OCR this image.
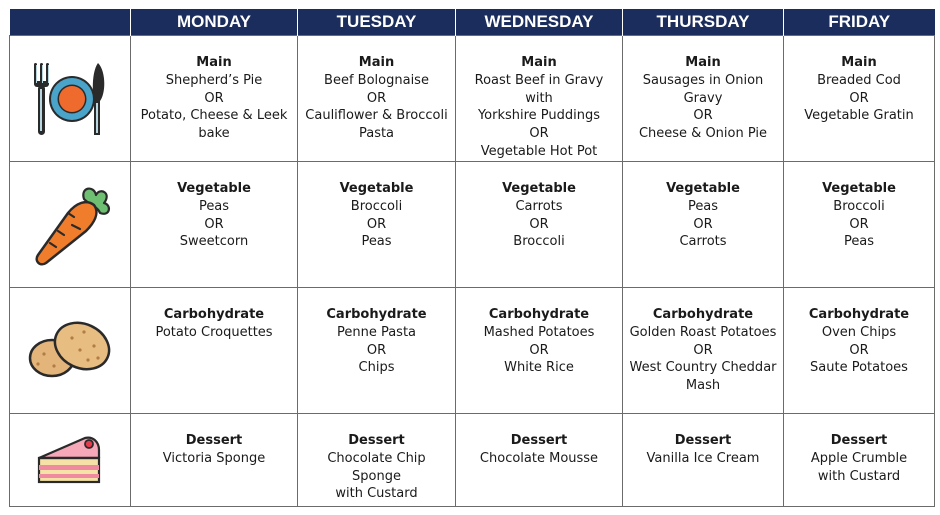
	MONDAY	TUESDAY	WEDNESDAY	THURSDAY	FRIDAY

Main
Shepherd’s Pie
OR
Potato, Cheese & Leek
bake	Main
Beef Bolognaise
OR
Cauliflower & Broccoli
Pasta	Main
Roast Beef in Gravy with
Yorkshire Puddings
OR
Vegetable Hot Pot	Main
Sausages in Onion Gravy
OR
Cheese & Onion Pie	Main
Breaded Cod
OR
Vegetable Gratin

Vegetable
Peas
OR
Sweetcorn	Vegetable
Broccoli
OR
Peas	Vegetable
Carrots
OR
Broccoli	Vegetable
Peas
OR
Carrots	Vegetable
Broccoli
OR
Peas

Carbohydrate
Potato Croquettes	Carbohydrate
Penne Pasta
OR
Chips	Carbohydrate
Mashed Potatoes
OR
White Rice	Carbohydrate
Golden Roast Potatoes
OR
West Country Cheddar
Mash	Carbohydrate
Oven Chips
OR
Saute Potatoes

Dessert
Victoria Sponge	Dessert
Chocolate Chip Sponge
with Custard	Dessert
Chocolate Mousse	Dessert
Vanilla Ice Cream	Dessert
Apple Crumble
with Custard
